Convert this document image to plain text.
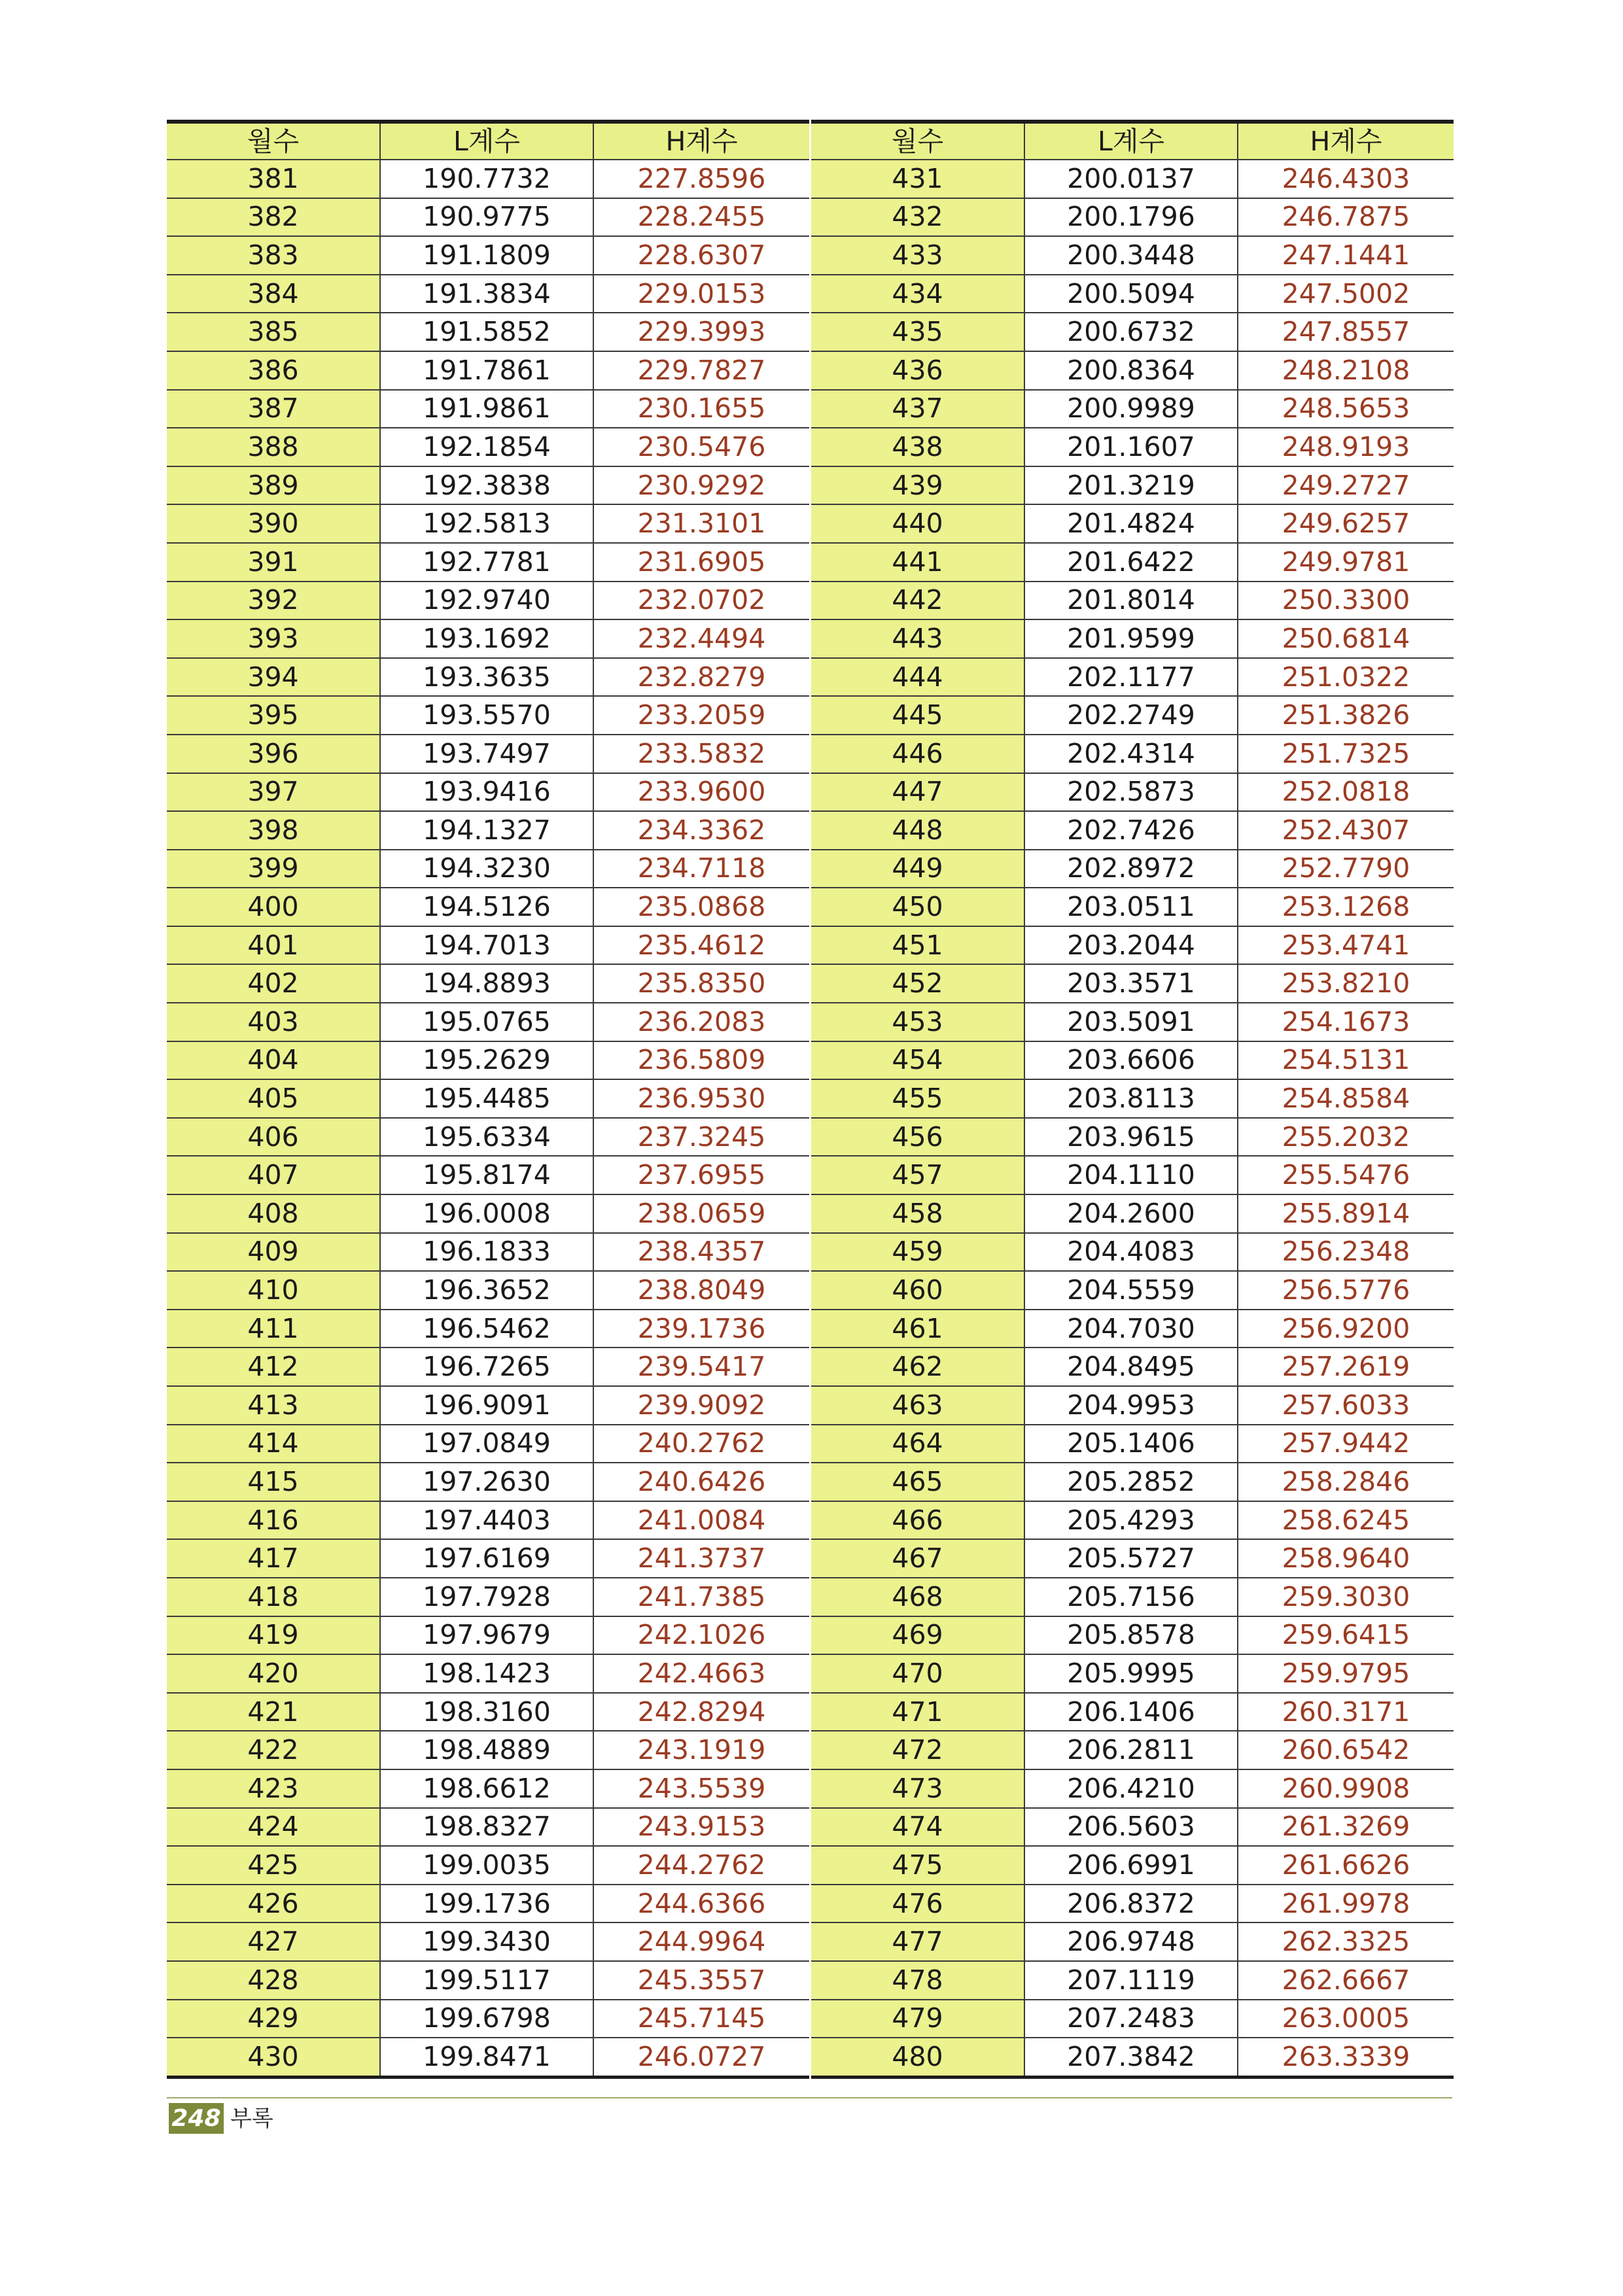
월수	L계수	H계수
381	190.7732	227.8596
382	190.9775	228.2455
383	191.1809	228.6307
384	191.3834	229.0153
385	191.5852	229.3993
386	191.7861	229.7827
387	191.9861	230.1655
388	192.1854	230.5476
389	192.3838	230.9292
390	192.5813	231.3101
391	192.7781	231.6905
392	192.9740	232.0702
393	193.1692	232.4494
394	193.3635	232.8279
395	193.5570	233.2059
396	193.7497	233.5832
397	193.9416	233.9600
398	194.1327	234.3362
399	194.3230	234.7118
400	194.5126	235.0868
401	194.7013	235.4612
402	194.8893	235.8350
403	195.0765	236.2083
404	195.2629	236.5809
405	195.4485	236.9530
406	195.6334	237.3245
407	195.8174	237.6955
408	196.0008	238.0659
409	196.1833	238.4357
410	196.3652	238.8049
411	196.5462	239.1736
412	196.7265	239.5417
413	196.9091	239.9092
414	197.0849	240.2762
415	197.2630	240.6426
416	197.4403	241.0084
417	197.6169	241.3737
418	197.7928	241.7385
419	197.9679	242.1026
420	198.1423	242.4663
421	198.3160	242.8294
422	198.4889	243.1919
423	198.6612	243.5539
424	198.8327	243.9153
425	199.0035	244.2762
426	199.1736	244.6366
427	199.3430	244.9964
428	199.5117	245.3557
429	199.6798	245.7145
430	199.8471	246.0727
월수	L계수	H계수
431	200.0137	246.4303
432	200.1796	246.7875
433	200.3448	247.1441
434	200.5094	247.5002
435	200.6732	247.8557
436	200.8364	248.2108
437	200.9989	248.5653
438	201.1607	248.9193
439	201.3219	249.2727
440	201.4824	249.6257
441	201.6422	249.9781
442	201.8014	250.3300
443	201.9599	250.6814
444	202.1177	251.0322
445	202.2749	251.3826
446	202.4314	251.7325
447	202.5873	252.0818
448	202.7426	252.4307
449	202.8972	252.7790
450	203.0511	253.1268
451	203.2044	253.4741
452	203.3571	253.8210
453	203.5091	254.1673
454	203.6606	254.5131
455	203.8113	254.8584
456	203.9615	255.2032
457	204.1110	255.5476
458	204.2600	255.8914
459	204.4083	256.2348
460	204.5559	256.5776
461	204.7030	256.9200
462	204.8495	257.2619
463	204.9953	257.6033
464	205.1406	257.9442
465	205.2852	258.2846
466	205.4293	258.6245
467	205.5727	258.9640
468	205.7156	259.3030
469	205.8578	259.6415
470	205.9995	259.9795
471	206.1406	260.3171
472	206.2811	260.6542
473	206.4210	260.9908
474	206.5603	261.3269
475	206.6991	261.6626
476	206.8372	261.9978
477	206.9748	262.3325
478	207.1119	262.6667
479	207.2483	263.0005
480	207.3842	263.3339
248 부록
